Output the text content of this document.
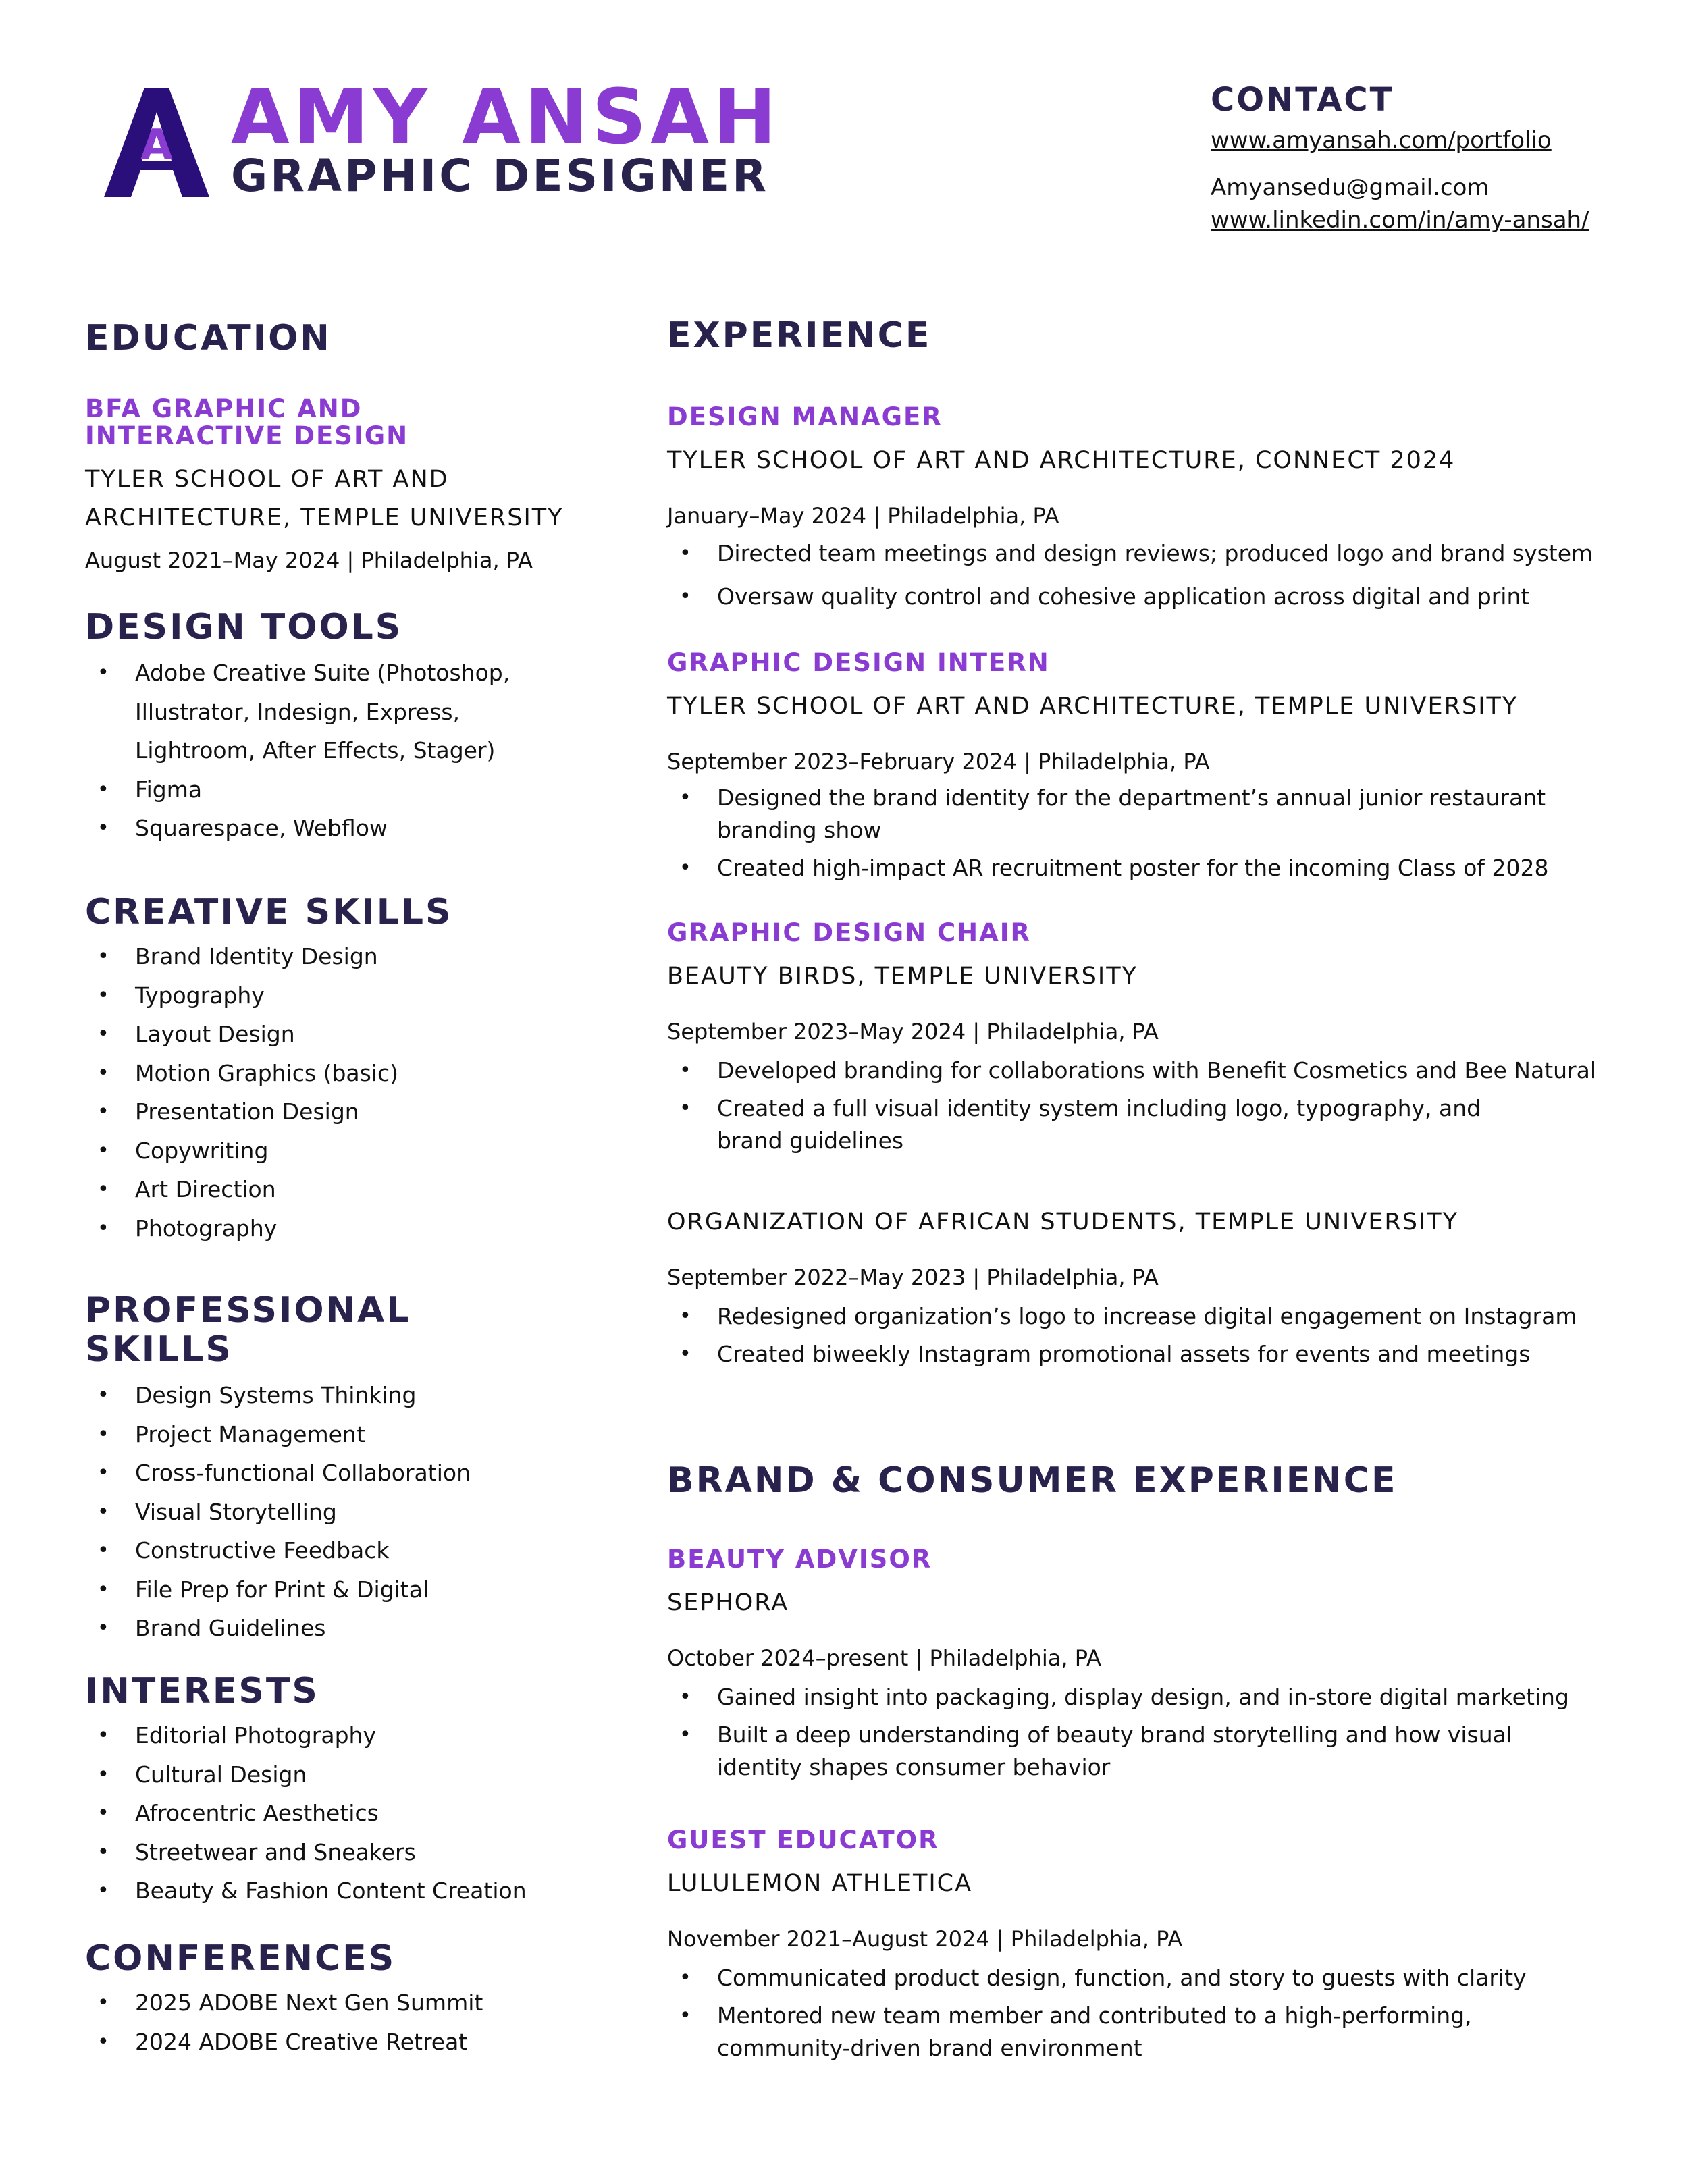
A AMY ANSAH
GRAPHIC DESIGNER
CONTACT
www.amyansah.com/portfolio
Amyansedu@gmail.com
www.linkedin.com/in/amy-ansah/
EDUCATION
BFA GRAPHIC AND
INTERACTIVE DESIGN
TYLER SCHOOL OF ART AND
ARCHITECTURE, TEMPLE UNIVERSITY
August 2021–May 2024 | Philadelphia, PA
DESIGN TOOLS
• Adobe Creative Suite (Photoshop,
Illustrator, Indesign, Express,
Lightroom, After Effects, Stager)
• Figma
• Squarespace, Webflow
CREATIVE SKILLS
• Brand Identity Design
• Typography
• Layout Design
• Motion Graphics (basic)
• Presentation Design
• Copywriting
• Art Direction
• Photography
PROFESSIONAL
SKILLS
• Design Systems Thinking
• Project Management
• Cross-functional Collaboration
• Visual Storytelling
• Constructive Feedback
• File Prep for Print & Digital
• Brand Guidelines
INTERESTS
• Editorial Photography
• Cultural Design
• Afrocentric Aesthetics
• Streetwear and Sneakers
• Beauty & Fashion Content Creation
CONFERENCES
• 2025 ADOBE Next Gen Summit
• 2024 ADOBE Creative Retreat
EXPERIENCE
DESIGN MANAGER
TYLER SCHOOL OF ART AND ARCHITECTURE, CONNECT 2024
January–May 2024 | Philadelphia, PA
• Directed team meetings and design reviews; produced logo and brand system
• Oversaw quality control and cohesive application across digital and print
GRAPHIC DESIGN INTERN
TYLER SCHOOL OF ART AND ARCHITECTURE, TEMPLE UNIVERSITY
September 2023–February 2024 | Philadelphia, PA
• Designed the brand identity for the department’s annual junior restaurant branding show
• Created high-impact AR recruitment poster for the incoming Class of 2028
GRAPHIC DESIGN CHAIR
BEAUTY BIRDS, TEMPLE UNIVERSITY
September 2023–May 2024 | Philadelphia, PA
• Developed branding for collaborations with Benefit Cosmetics and Bee Natural
• Created a full visual identity system including logo, typography, and brand guidelines
ORGANIZATION OF AFRICAN STUDENTS, TEMPLE UNIVERSITY
September 2022–May 2023 | Philadelphia, PA
• Redesigned organization’s logo to increase digital engagement on Instagram
• Created biweekly Instagram promotional assets for events and meetings
BRAND & CONSUMER EXPERIENCE
BEAUTY ADVISOR
SEPHORA
October 2024–present | Philadelphia, PA
• Gained insight into packaging, display design, and in-store digital marketing
• Built a deep understanding of beauty brand storytelling and how visual identity shapes consumer behavior
GUEST EDUCATOR
LULULEMON ATHLETICA
November 2021–August 2024 | Philadelphia, PA
• Communicated product design, function, and story to guests with clarity
• Mentored new team member and contributed to a high-performing, community-driven brand environment
